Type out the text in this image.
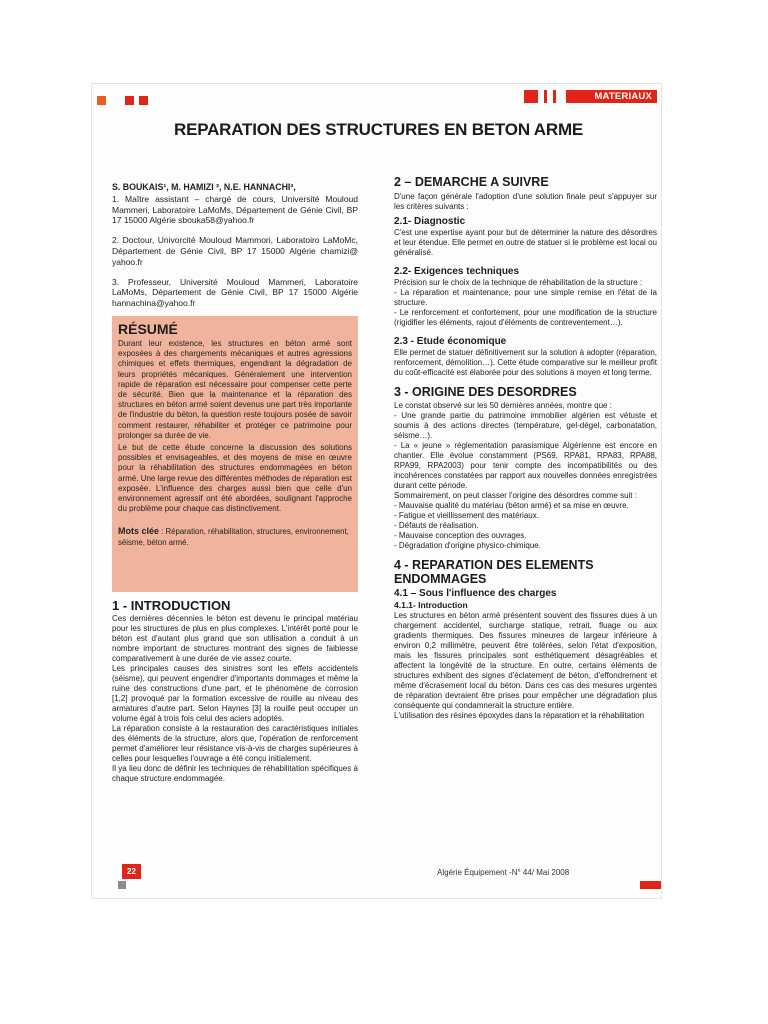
MATERIAUX
REPARATION DES STRUCTURES EN BETON ARME

S. BOUKAIS¹, M. HAMIZI ², N.E. HANNACHI³,

1. Maître assistant – chargé de cours, Université Mouloud Mammeri, Laboratoire LaMoMs, Département de Génie Civil, BP 17 15000 Algérie sbouka58@yahoo.fr

2. Doctour, Univorcité Mouloud Mammori, Laboratoiro LaMoMc, Département de Génie Civil, BP 17 15000 Algérie chamizi@ yahoo.fr

3. Professeur, Université Mouloud Mammeri, Laboratoire LaMoMs, Département de Génie Civil, BP 17 15000 Algérie hannachina@yahoo.fr

RÉSUMÉ

Durant leur existence, les structures en béton armé sont exposées à des chargements mécaniques et autres agressions chimiques et effets thermiques, engendrant la dégradation de leurs propriétés mécaniques. Généralement une intervention rapide de réparation est nécessaire pour compenser cette perte de sécurité. Bien que la maintenance et la réparation des structures en béton armé soient devenus une part très importante de l'industrie du béton, la question reste toujours posée de savoir comment restaurer, réhabiliter et protéger ce patrimoine pour prolonger sa durée de vie.

Le but de cette étude concerne la discussion des solutions possibles et envisageables, et des moyens de mise en œuvre pour la réhabilitation des structures endommagées en béton armé. Une large revue des différentes méthodes de réparation est exposée. L'influence des charges aussi bien que celle d'un environnement agressif ont été abordées, soulignant l'approche du problème pour chaque cas distinctivement.

Mots clée : Réparation, réhabilitation, structures, environnement, séisme, béton armé.
1 - INTRODUCTION

Ces dernières décennies le béton est devenu le principal matériau pour les structures de plus en plus complexes. L'intérêt porté pour le béton est d'autant plus grand que son utilisation a conduit à un nombre important de structures montrant des signes de faiblesse comparativement à une durée de vie assez courte.

Les principales causes des sinistres sont les effets accidentels (séisme), qui peuvent engendrer d'importants dommages et même la ruine des constructions d'une part, et le phénomène de corrosion [1,2] provoqué par la formation excessive de rouille au niveau des armatures d'autre part. Selon Haynes [3] la rouille peut occuper un volume égal à trois fois celui des aciers adoptés.

La réparation consiste à la restauration des caractéristiques initiales des éléments de la structure, alors que, l'opération de renforcement permet d'améliorer leur résistance vis-à-vis de charges supérieures à celles pour lesquelles l'ouvrage a été conçu initialement.

Il ya lieu donc de définir les techniques de réhabilitation spécifiques à chaque structure endommagée.

2 – DEMARCHE A SUIVRE

D'une façon générale l'adoption d'une solution finale peut s'appuyer sur les critères suivants :

2.1- Diagnostic

C'est une expertise ayant pour but de déterminer la nature des désordres et leur étendue. Elle permet en outre de statuer si le problème est local ou généralisé.

2.2- Exigences techniques

Précision sur le choix de la technique de réhabilitation de la structure :

- La réparation et maintenance, pour une simple remise en l'état de la structure.

- Le renforcement et confortement, pour une modification de la structure (rigidifier les éléments, rajout d'éléments de contreventement…).

2.3 - Etude économique

Elle permet de statuer définitivement sur la solution à adopter (réparation, renforcement, démolition…). Cette étude comparative sur le meilleur profit du coût-efficacité est élaborée pour des solutions à moyen et long terme.

3 - ORIGINE DES DESORDRES

Le constat observé sur les 50 dernières années, montre que :

- Une grande partie du patrimoine immobilier algérien est vétuste et soumis à des actions directes (température, gel-dégel, carbonatation, séisme…).

- La « jeune » réglementation parasismique Algérienne est encore en chantier. Elle évolue constamment (PS69, RPA81, RPA83, RPA88, RPA99, RPA2003) pour tenir compte des incompatibilités ou des incohérences constatées par rapport aux nouvelles données enregistrées durant cette période.

Sommairement, on peut classer l'origine des désordres comme suit :

- Mauvaise qualité du matériau (béton armé) et sa mise en œuvre.

- Fatigue et vieillissement des matériaux.

- Défauts de réalisation.

- Mauvaise conception des ouvrages.

- Dégradation d'origine physico-chimique.

4 - REPARATION DES ELEMENTS ENDOMMAGES
4.1 – Sous l'influence des charges
4.1.1- Introduction

Les structures en béton armé présentent souvent des fissures dues à un chargement accidentel, surcharge statique, retrait, fluage ou aux gradients thermiques. Des fissures mineures de largeur inférieure à environ 0,2 millimètre, peuvent être tolérées, selon l'état d'exposition, mais les fissures principales sont esthétiquement désagréables et affectent la longévité de la structure. En outre, certains éléments de structures exhibent des signes d'éclatement de béton, d'effondrement et même d'écrasement local du béton. Dans ces cas des mesures urgentes de réparation devraient être prises pour empêcher une dégradation plus conséquente qui condamnerait la structure entière.

L'utilisation des résines époxydes dans la réparation et la réhabilitation

22	Algérie Équipement -N° 44/ Mai 2008
